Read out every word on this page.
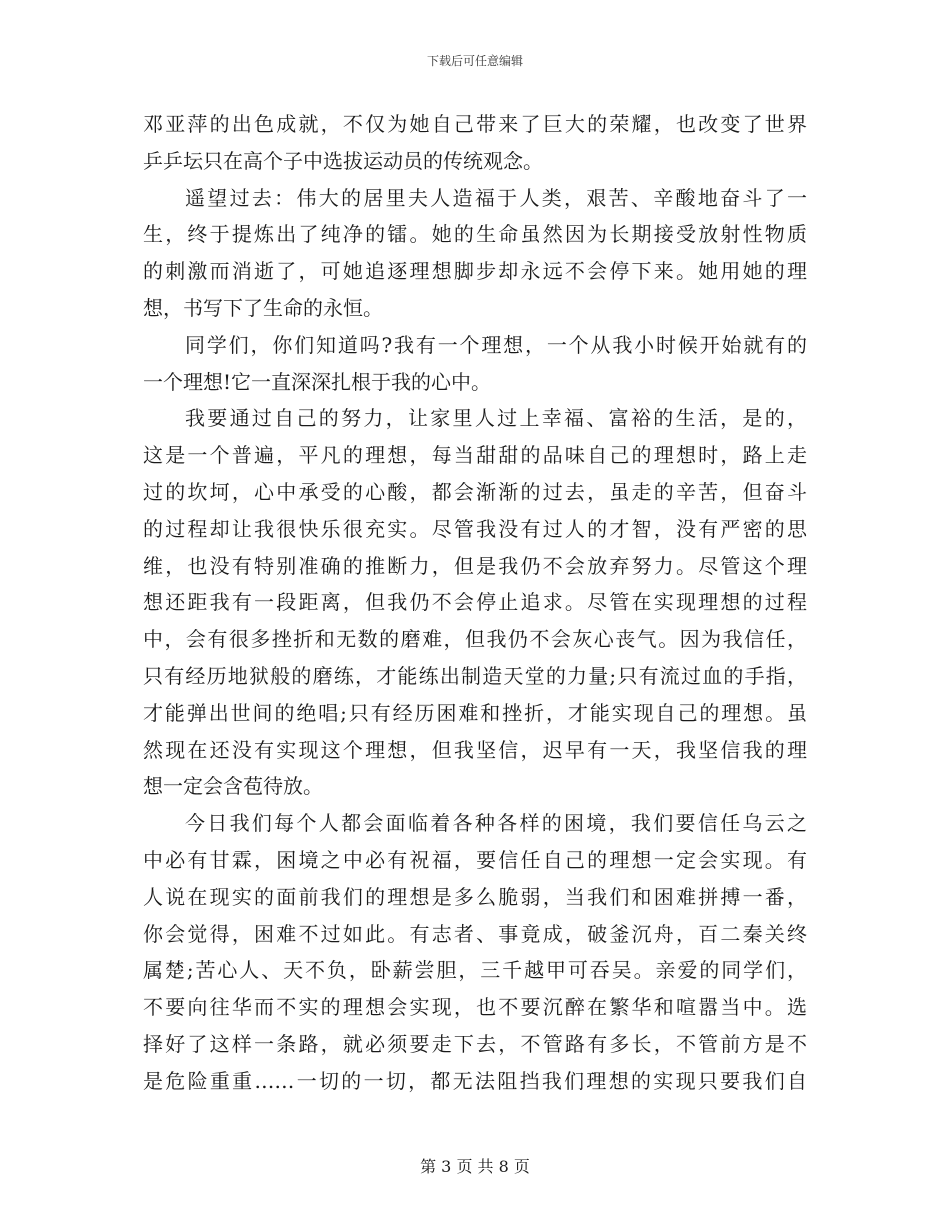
下载后可任意编辑
邓亚萍的出色成就，不仅为她自己带来了巨大的荣耀，也改变了世界
乒乒坛只在高个子中选拔运动员的传统观念。
遥望过去：伟大的居里夫人造福于人类，艰苦、辛酸地奋斗了一
生，终于提炼出了纯净的镭。她的生命虽然因为长期接受放射性物质
的刺激而消逝了，可她追逐理想脚步却永远不会停下来。她用她的理
想，书写下了生命的永恒。
同学们，你们知道吗?我有一个理想，一个从我小时候开始就有的
一个理想!它一直深深扎根于我的心中。
我要通过自己的努力，让家里人过上幸福、富裕的生活，是的，
这是一个普遍，平凡的理想，每当甜甜的品味自己的理想时，路上走
过的坎坷，心中承受的心酸，都会渐渐的过去，虽走的辛苦，但奋斗
的过程却让我很快乐很充实。尽管我没有过人的才智，没有严密的思
维，也没有特别准确的推断力，但是我仍不会放弃努力。尽管这个理
想还距我有一段距离，但我仍不会停止追求。尽管在实现理想的过程
中，会有很多挫折和无数的磨难，但我仍不会灰心丧气。因为我信任，
只有经历地狱般的磨练，才能练出制造天堂的力量;只有流过血的手指，
才能弹出世间的绝唱;只有经历困难和挫折，才能实现自己的理想。虽
然现在还没有实现这个理想，但我坚信，迟早有一天，我坚信我的理
想一定会含苞待放。
今日我们每个人都会面临着各种各样的困境，我们要信任乌云之
中必有甘霖，困境之中必有祝福，要信任自己的理想一定会实现。有
人说在现实的面前我们的理想是多么脆弱，当我们和困难拼搏一番，
你会觉得，困难不过如此。有志者、事竟成，破釜沉舟，百二秦关终
属楚;苦心人、天不负，卧薪尝胆，三千越甲可吞吴。亲爱的同学们，
不要向往华而不实的理想会实现，也不要沉醉在繁华和喧嚣当中。选
择好了这样一条路，就必须要走下去，不管路有多长，不管前方是不
是危险重重……一切的一切，都无法阻挡我们理想的实现只要我们自
第 3 页 共 8 页
